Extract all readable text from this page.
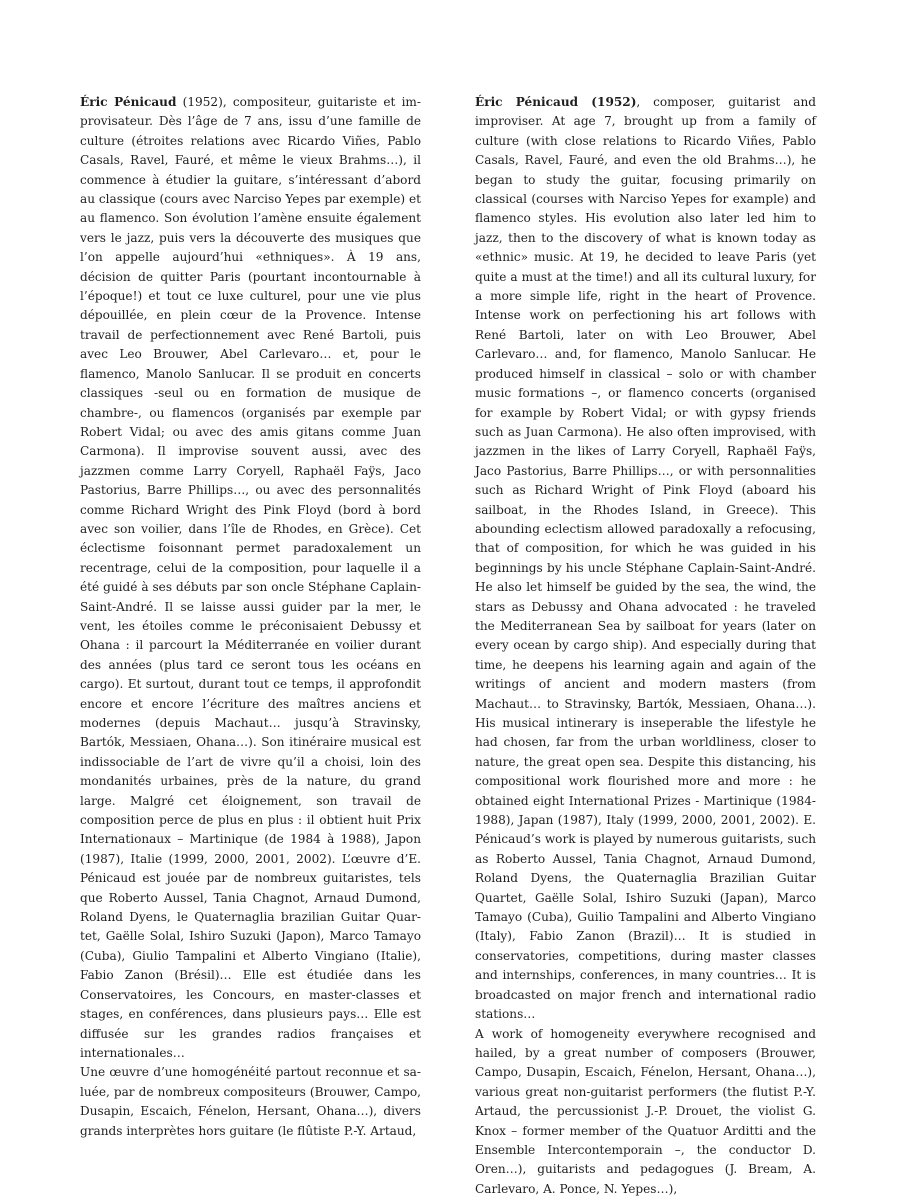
Éric Pénicaud (1952), compositeur, guitariste et improvisateur. Dès l’âge de 7 ans, issu d’une famille de culture (étroites relations avec Ricardo Viñes, Pablo Casals, Ravel, Fauré, et même le vieux Brahms…), il commence à étudier la guitare, s’intéressant d’abord au classique (cours avec Narciso Yepes par exemple) et au flamenco. Son évolution l’amène ensuite également vers le jazz, puis vers la découverte des musiques que l’on appelle aujourd’hui «ethniques». À 19 ans, décision de quitter Paris (pourtant incontournable à l’époque!) et tout ce luxe culturel, pour une vie plus dépouillée, en plein cœur de la Provence. Intense travail de perfectionnement avec René Bartoli, puis avec Leo Brouwer, Abel Carlevaro… et, pour le flamenco, Manolo Sanlucar. Il se produit en concerts classiques -seul ou en formation de musique de chambre-, ou flamencos (organisés par exemple par Robert Vidal; ou avec des amis gitans comme Juan Carmona). Il improvise souvent aussi, avec des jazzmen comme Larry Coryell, Raphaël Faÿs, Jaco Pastorius, Barre Phillips…, ou avec des personnalités comme Richard Wright des Pink Floyd (bord à bord avec son voilier, dans l’île de Rhodes, en Grèce). Cet éclectisme foisonnant permet paradoxalement un recentrage, celui de la composition, pour laquelle il a été guidé à ses débuts par son oncle Stéphane Caplain-Saint-André. Il se laisse aussi guider par la mer, le vent, les étoiles comme le préconisaient Debussy et Ohana : il parcourt la Méditerranée en voilier durant des années (plus tard ce seront tous les océans en cargo). Et surtout, durant tout ce temps, il approfondit encore et encore l’écriture des maîtres anciens et modernes (depuis Machaut… jusqu’à Stravinsky, Bartók, Messiaen, Ohana…). Son itinéraire musical est indissociable de l’art de vivre qu’il a choisi, loin des mondanités urbaines, près de la nature, du grand large. Malgré cet éloignement, son travail de composition perce de plus en plus : il obtient huit Prix Internationaux – Martinique (de 1984 à 1988), Japon (1987), Italie (1999, 2000, 2001, 2002). L’œuvre d’E. Pénicaud est jouée par de nombreux guitaristes, tels que Roberto Aussel, Tania Chagnot, Arnaud Dumond, Roland Dyens, le Quaternaglia brazilian Guitar Quartet, Gaëlle Solal, Ishiro Suzuki (Japon), Marco Tamayo (Cuba), Giulio Tampalini et Alberto Vingiano (Italie), Fabio Zanon (Brésil)… Elle est étudiée dans les Conservatoires, les Concours, en master-classes et stages, en conférences, dans plusieurs pays… Elle est diffusée sur les grandes radios françaises et internationales…

Une œuvre d’une homogénéité partout reconnue et saluée, par de nombreux compositeurs (Brouwer, Campo, Dusapin, Escaich, Fénelon, Hersant, Ohana…), divers grands interprètes hors guitare (le flûtiste P.-Y. Artaud,

Éric Pénicaud (1952), composer, guitarist and improviser. At age 7, brought up from a family of culture (with close relations to Ricardo Viñes, Pablo Casals, Ravel, Fauré, and even the old Brahms…), he began to study the guitar, focusing primarily on classical (courses with Narciso Yepes for example) and flamenco styles. His evolution also later led him to jazz, then to the discovery of what is known today as «ethnic» music. At 19, he decided to leave Paris (yet quite a must at the time!) and all its cultural luxury, for a more simple life, right in the heart of Provence. Intense work on perfectioning his art follows with René Bartoli, later on with Leo Brouwer, Abel Carlevaro… and, for flamenco, Manolo Sanlucar. He produced himself in classical – solo or with chamber music formations –, or flamenco concerts (organised for example by Robert Vidal; or with gypsy friends such as Juan Carmona). He also often improvised, with jazzmen in the likes of Larry Coryell, Raphaël Faÿs, Jaco Pastorius, Barre Phillips…, or with personnalities such as Richard Wright of Pink Floyd (aboard his sailboat, in the Rhodes Island, in Greece). This abounding eclectism allowed paradoxally a refocusing, that of composition, for which he was guided in his beginnings by his uncle Stéphane Caplain-Saint-André. He also let himself be guided by the sea, the wind, the stars as Debussy and Ohana advocated : he traveled the Mediterranean Sea by sailboat for years (later on every ocean by cargo ship). And especially during that time, he deepens his learning again and again of the writings of ancient and modern masters (from Machaut… to Stravinsky, Bartók, Messiaen, Ohana…). His musical intinerary is inseperable the lifestyle he had chosen, far from the urban worldliness, closer to nature, the great open sea. Despite this distancing, his compositional work flourished more and more : he obtained eight International Prizes - Martinique (1984-1988), Japan (1987), Italy (1999, 2000, 2001, 2002). E. Pénicaud’s work is played by numerous guitarists, such as Roberto Aussel, Tania Chagnot, Arnaud Dumond, Roland Dyens, the Quaternaglia Brazilian Guitar Quartet, Gaëlle Solal, Ishiro Suzuki (Japan), Marco Tamayo (Cuba), Guilio Tampalini and Alberto Vingiano (Italy), Fabio Zanon (Brazil)… It is studied in conservatories, competitions, during master classes and internships, conferences, in many countries… It is broadcasted on major french and international radio stations…

A work of homogeneity everywhere recognised and hailed, by a great number of composers (Brouwer, Campo, Dusapin, Escaich, Fénelon, Hersant, Ohana…), various great non-guitarist performers (the flutist P.-Y. Artaud, the percussionist J.-P. Drouet, the violist G. Knox – former member of the Quatuor Arditti and the Ensemble Intercontemporain –, the conductor D. Oren…), guitarists and pedagogues (J. Bream, A. Carlevaro, A. Ponce, N. Yepes…),
